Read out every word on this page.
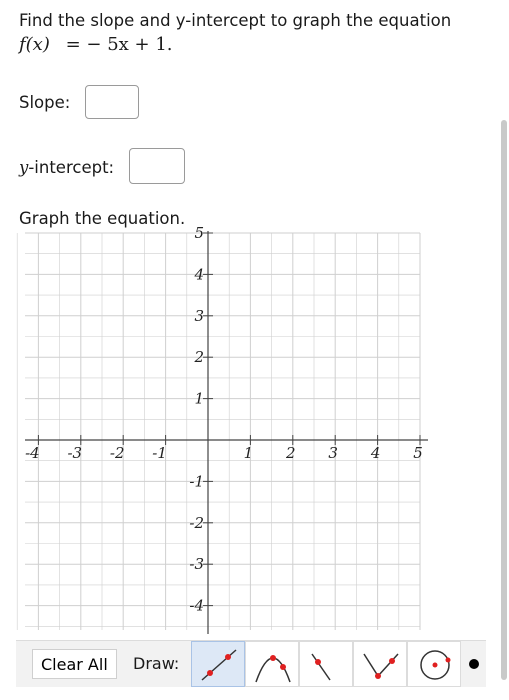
Find the slope and y-intercept to graph the equation
f(x) = − 5x + 1.
Slope:
y-intercept:
Graph the equation.
-4 -3 -2 -1	1 2 3 4 5
5
4
3
2
1
-1
-2
-3
-4
Clear All	Draw:
